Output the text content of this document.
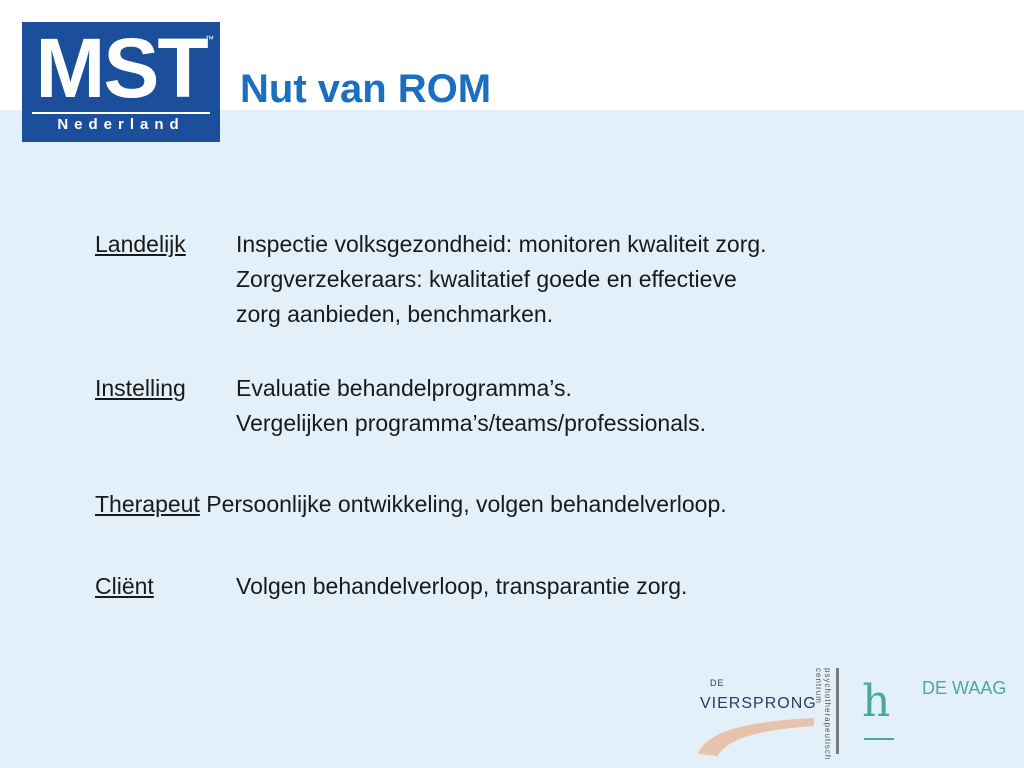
MST
™
Nederland
Nut van ROM
Landelijk Inspectie volksgezondheid: monitoren kwaliteit zorg.
Zorgverzekeraars: kwalitatief goede en effectieve
zorg aanbieden, benchmarken.
Instelling Evaluatie behandelprogramma’s.
Vergelijken programma’s/teams/professionals.
Therapeut Persoonlijke ontwikkeling, volgen behandelverloop.
Cliënt	Volgen behandelverloop, transparantie zorg.
DE
VIERSPRONG psychotherapeutisch centrum h DE WAAG
